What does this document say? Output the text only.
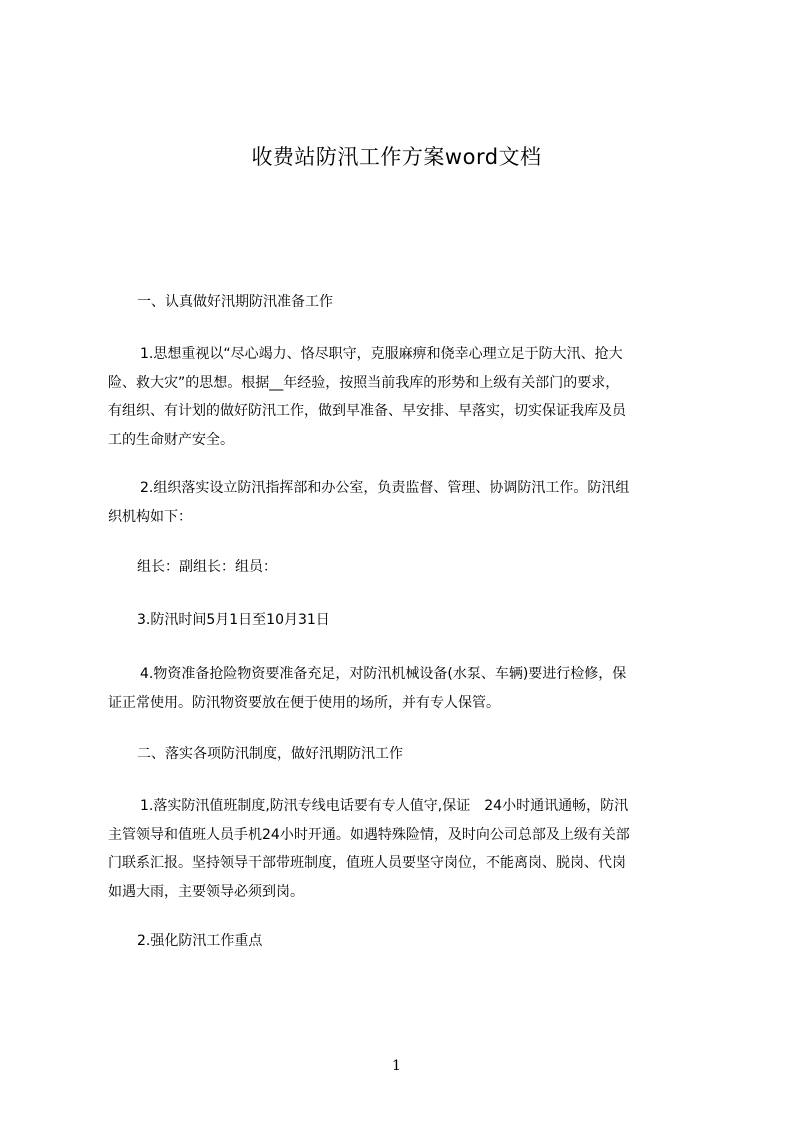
收费站防汛工作方案word文档
一、认真做好汛期防汛准备工作
1.思想重视以“尽心竭力、恪尽职守，克服麻痹和侥幸心理立足于防大汛、抢大
险、救大灾”的思想。根据__年经验，按照当前我库的形势和上级有关部门的要求，
有组织、有计划的做好防汛工作，做到早准备、早安排、早落实，切实保证我库及员
工的生命财产安全。
2.组织落实设立防汛指挥部和办公室，负责监督、管理、协调防汛工作。防汛组
织机构如下：
组长：副组长：组员：
3.防汛时间5月1日至10月31日
4.物资准备抢险物资要准备充足，对防汛机械设备(水泵、车辆)要进行检修，保
证正常使用。防汛物资要放在便于使用的场所，并有专人保管。
二、落实各项防汛制度，做好汛期防汛工作
1.落实防汛值班制度,防汛专线电话要有专人值守,保证　24小时通讯通畅，防汛
主管领导和值班人员手机24小时开通。如遇特殊险情，及时向公司总部及上级有关部
门联系汇报。坚持领导干部带班制度，值班人员要坚守岗位，不能离岗、脱岗、代岗
如遇大雨，主要领导必须到岗。
2.强化防汛工作重点
1
